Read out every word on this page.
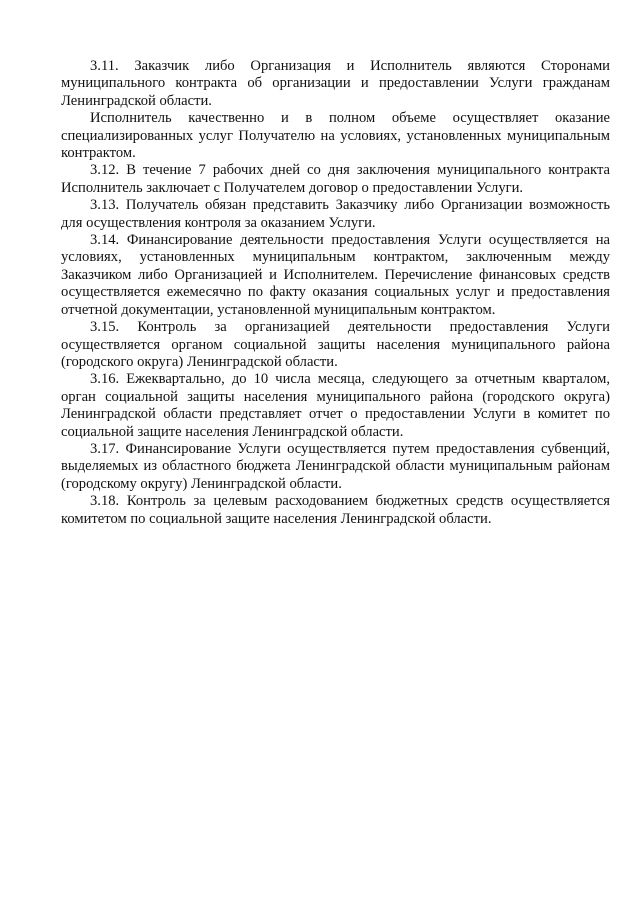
3.11. Заказчик либо Организация и Исполнитель являются Сторонами муниципального контракта об организации и предоставлении Услуги гражданам Ленинградской области.

Исполнитель качественно и в полном объеме осуществляет оказание специализированных услуг Получателю на условиях, установленных муниципальным контрактом.

3.12. В течение 7 рабочих дней со дня заключения муниципального контракта Исполнитель заключает с Получателем договор о предоставлении Услуги.

3.13. Получатель обязан представить Заказчику либо Организации возможность для осуществления контроля за оказанием Услуги.

3.14. Финансирование деятельности предоставления Услуги осуществляется на условиях, установленных муниципальным контрактом, заключенным между Заказчиком либо Организацией и Исполнителем. Перечисление финансовых средств осуществляется ежемесячно по факту оказания социальных услуг и предоставления отчетной документации, установленной муниципальным контрактом.

3.15. Контроль за организацией деятельности предоставления Услуги осуществляется органом социальной защиты населения муниципального района (городского округа) Ленинградской области.

3.16. Ежеквартально, до 10 числа месяца, следующего за отчетным кварталом, орган социальной защиты населения муниципального района (городского округа) Ленинградской области представляет отчет о предоставлении Услуги в комитет по социальной защите населения Ленинградской области.

3.17. Финансирование Услуги осуществляется путем предоставления субвенций, выделяемых из областного бюджета Ленинградской области муниципальным районам (городскому округу) Ленинградской области.

3.18. Контроль за целевым расходованием бюджетных средств осуществляется комитетом по социальной защите населения Ленинградской области.
